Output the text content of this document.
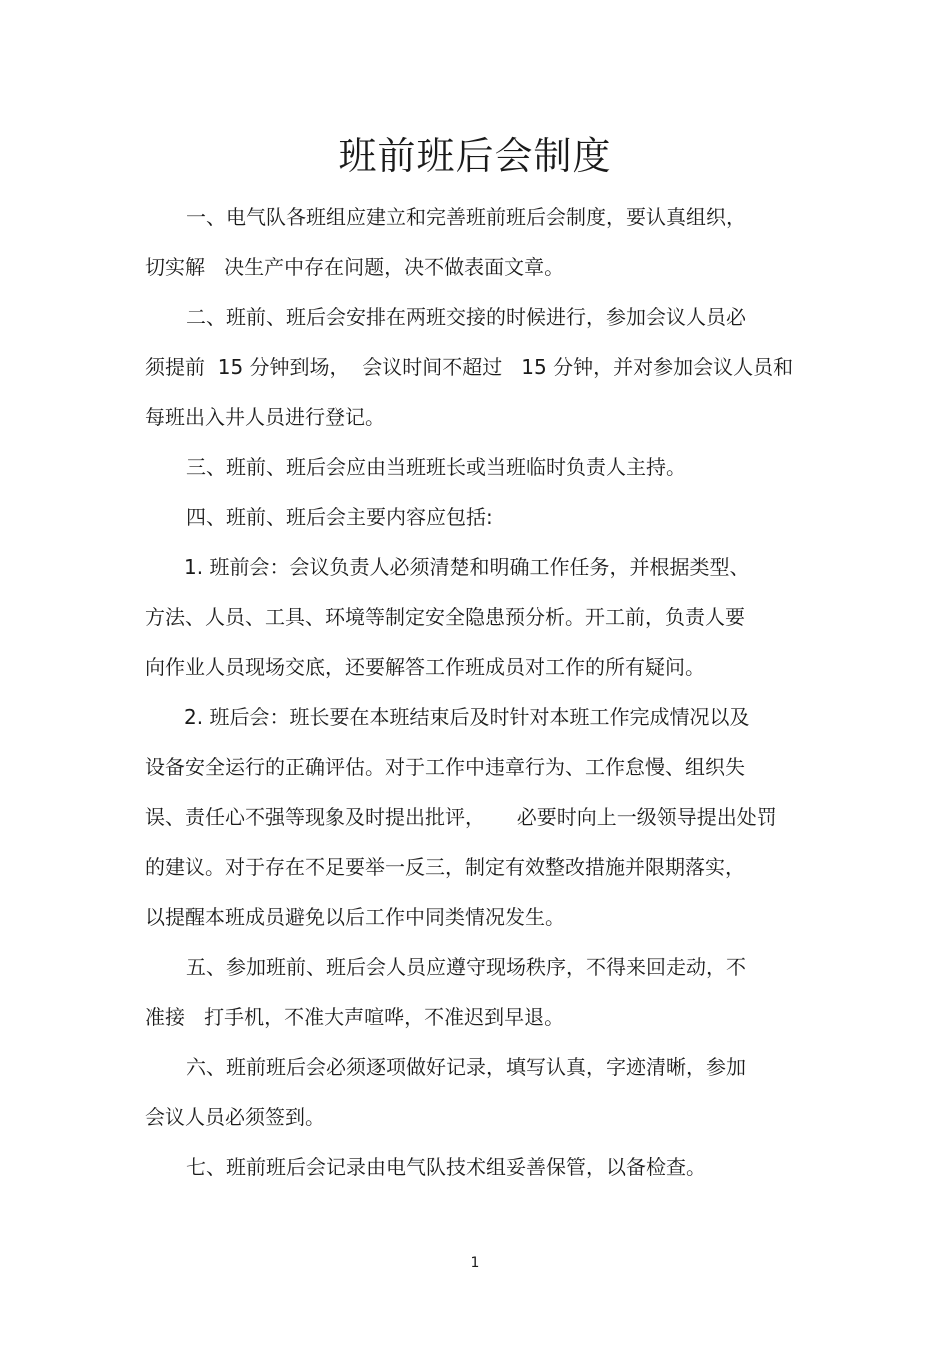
班前班后会制度

一、电气队各班组应建立和完善班前班后会制度，要认真组织，

切实解   决生产中存在问题，决不做表面文章。

二、班前、班后会安排在两班交接的时候进行，参加会议人员必

须提前  15 分钟到场，  会议时间不超过   15 分钟，并对参加会议人员和

每班出入井人员进行登记。

三、班前、班后会应由当班班长或当班临时负责人主持。

四、班前、班后会主要内容应包括:

1. 班前会：会议负责人必须清楚和明确工作任务，并根据类型、

方法、人员、工具、环境等制定安全隐患预分析。开工前，负责人要

向作业人员现场交底，还要解答工作班成员对工作的所有疑问。

2. 班后会：班长要在本班结束后及时针对本班工作完成情况以及

设备安全运行的正确评估。对于工作中违章行为、工作怠慢、组织失

误、责任心不强等现象及时提出批评，     必要时向上一级领导提出处罚

的建议。对于存在不足要举一反三，制定有效整改措施并限期落实，

以提醒本班成员避免以后工作中同类情况发生。

五、参加班前、班后会人员应遵守现场秩序，不得来回走动，不

准接   打手机，不准大声喧哗，不准迟到早退。

六、班前班后会必须逐项做好记录，填写认真，字迹清晰，参加

会议人员必须签到。

七、班前班后会记录由电气队技术组妥善保管，以备检查。

1
